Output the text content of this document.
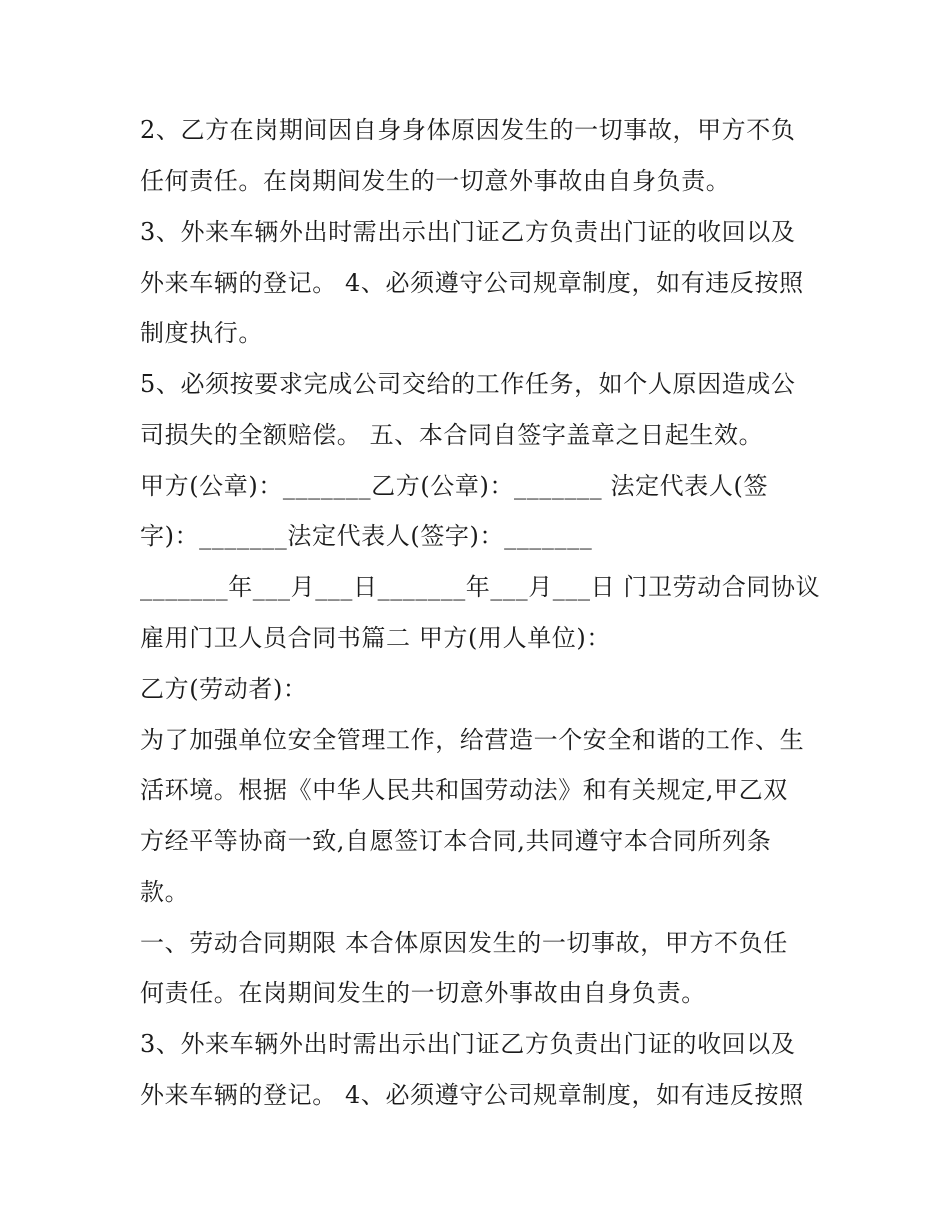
2、乙方在岗期间因自身身体原因发生的一切事故，甲方不负
任何责任。在岗期间发生的一切意外事故由自身负责。
3、外来车辆外出时需出示出门证乙方负责出门证的收回以及
外来车辆的登记。 4、必须遵守公司规章制度，如有违反按照
制度执行。
5、必须按要求完成公司交给的工作任务，如个人原因造成公
司损失的全额赔偿。 五、本合同自签字盖章之日起生效。
甲方(公章)：_______乙方(公章)：_______ 法定代表人(签
字)：_______法定代表人(签字)：_______
_______年___月___日_______年___月___日 门卫劳动合同协议
雇用门卫人员合同书篇二 甲方(用人单位)：
乙方(劳动者)：
为了加强单位安全管理工作，给营造一个安全和谐的工作、生
活环境。根据《中华人民共和国劳动法》和有关规定,甲乙双
方经平等协商一致,自愿签订本合同,共同遵守本合同所列条
款。
一、劳动合同期限 本合体原因发生的一切事故，甲方不负任
何责任。在岗期间发生的一切意外事故由自身负责。
3、外来车辆外出时需出示出门证乙方负责出门证的收回以及
外来车辆的登记。 4、必须遵守公司规章制度，如有违反按照
